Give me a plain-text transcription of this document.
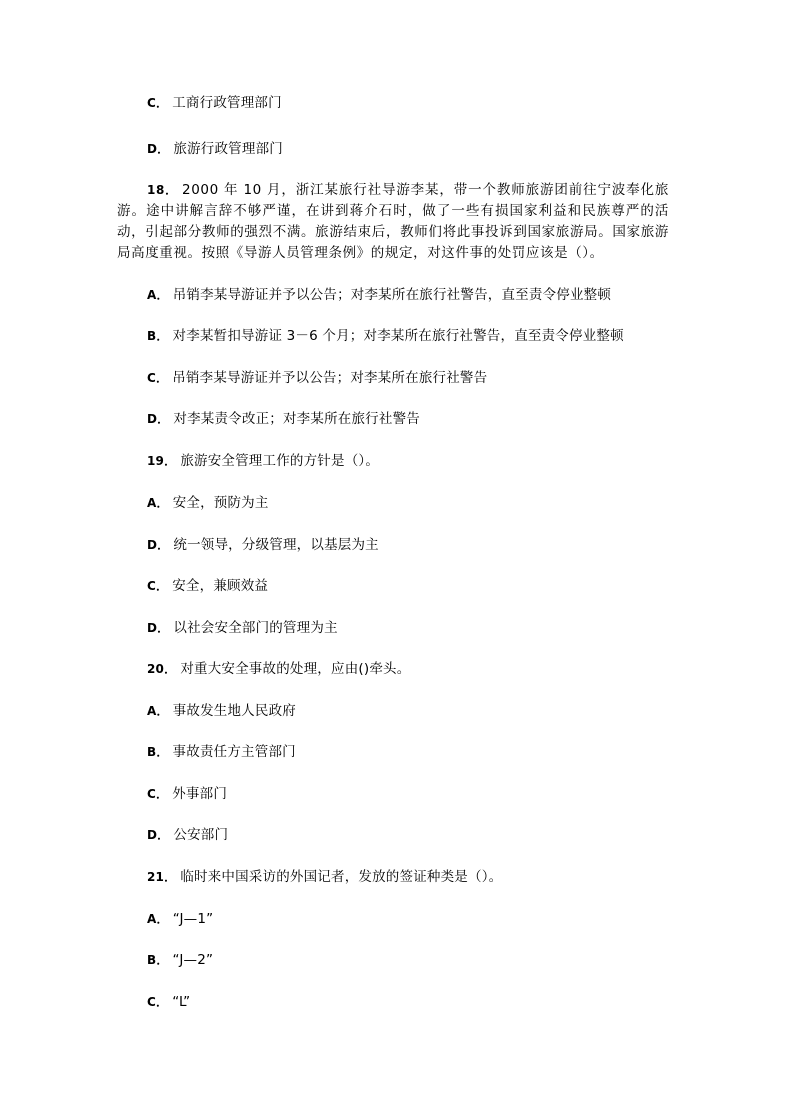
C． 工商行政管理部门
D． 旅游行政管理部门
18． 2000 年 10 月，浙江某旅行社导游李某，带一个教师旅游团前往宁波奉化旅游。途中讲解言辞不够严谨，在讲到蒋介石时，做了一些有损国家利益和民族尊严的活动，引起部分教师的强烈不满。旅游结束后，教师们将此事投诉到国家旅游局。国家旅游局高度重视。按照《导游人员管理条例》的规定，对这件事的处罚应该是（）。
A． 吊销李某导游证并予以公告；对李某所在旅行社警告，直至责令停业整顿
B． 对李某暂扣导游证 3－6 个月；对李某所在旅行社警告，直至责令停业整顿
C． 吊销李某导游证并予以公告；对李某所在旅行社警告
D． 对李某责令改正；对李某所在旅行社警告
19． 旅游安全管理工作的方针是（）。
A． 安全，预防为主
D． 统一领导，分级管理，以基层为主
C． 安全，兼顾效益
D． 以社会安全部门的管理为主
20． 对重大安全事故的处理，应由()牵头。
A． 事故发生地人民政府
B． 事故责任方主管部门
C． 外事部门
D． 公安部门
21． 临时来中国采访的外国记者，发放的签证种类是（）。
A． “J—1”
B． “J—2”
C． “L”
